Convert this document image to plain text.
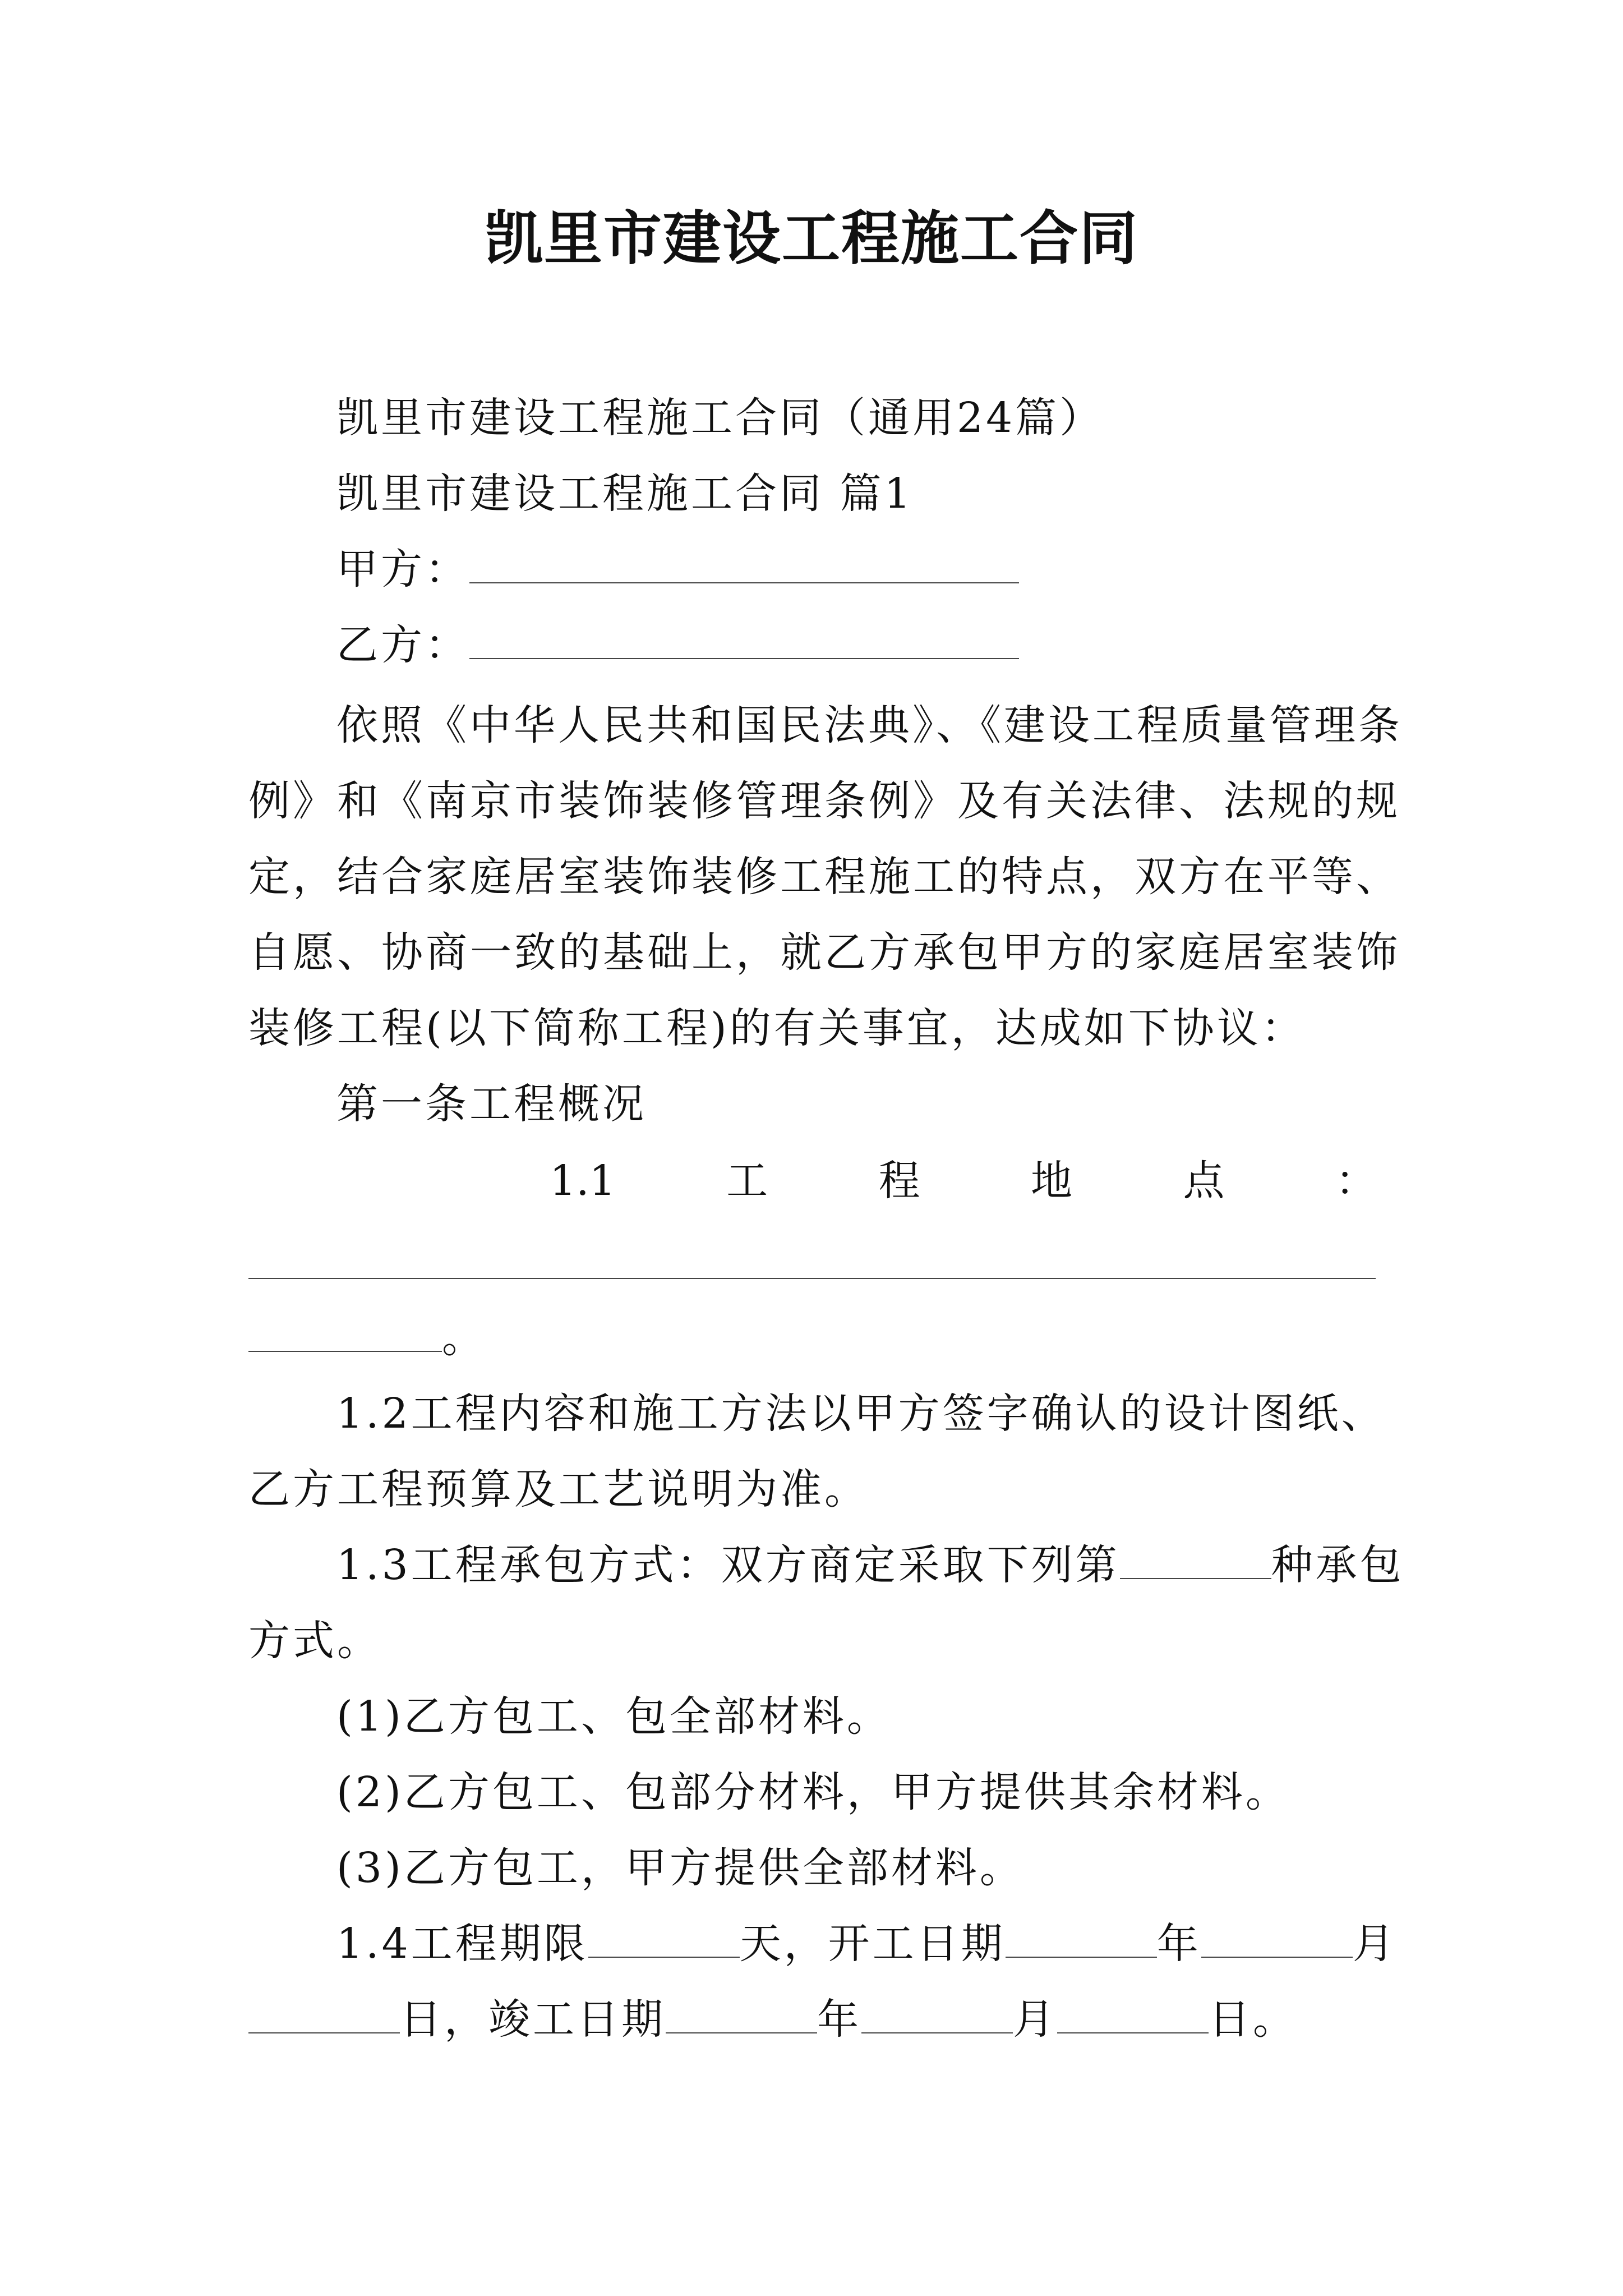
凯里市建设工程施工合同
凯里市建设工程施工合同（通用24篇）
凯里市建设工程施工合同 篇1
甲方：
乙方：
依照《中华人民共和国民法典》、《建设工程质量管理条
例》和《南京市装饰装修管理条例》及有关法律、法规的规
定，结合家庭居室装饰装修工程施工的特点，双方在平等、
自愿、协商一致的基础上，就乙方承包甲方的家庭居室装饰
装修工程(以下简称工程)的有关事宜，达成如下协议：
第一条工程概况
1.1	工	程	地	点	：
。
1.2工程内容和施工方法以甲方签字确认的设计图纸、
乙方工程预算及工艺说明为准。
1.3工程承包方式：双方商定采取下列第	种承包
方式。
(1)乙方包工、包全部材料。
(2)乙方包工、包部分材料，甲方提供其余材料。
(3)乙方包工，甲方提供全部材料。
1.4工程期限	天，开工日期	年	月
日，竣工日期	年	月	日。
